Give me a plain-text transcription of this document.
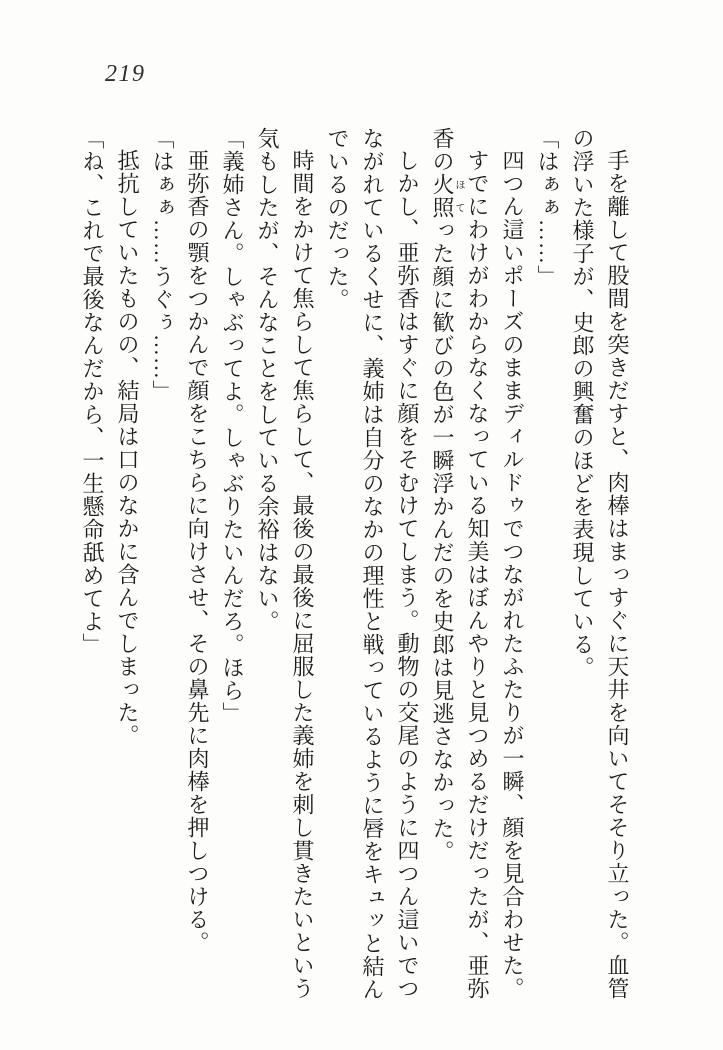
219

手を離して股間を突きだすと、肉棒はまっすぐに天井を向いてそそり立った。血管の浮いた様子が、史郎の興奮のほどを表現している。

「はぁぁ……」

四つん這いポーズのままディルドゥでつながれたふたりが一瞬、顔を見合わせた。

すでにわけがわからなくなっている知美はぼんやりと見つめるだけだったが、亜弥香の火照ほてった顔に歓びの色が一瞬浮かんだのを史郎は見逃さなかった。

しかし、亜弥香はすぐに顔をそむけてしまう。動物の交尾のように四つん這いでつながれているくせに、義姉は自分のなかの理性と戦っているように唇をキュッと結んでいるのだった。

時間をかけて焦らして焦らして、最後の最後に屈服した義姉を刺し貫きたいという気もしたが、そんなことをしている余裕はない。

「義姉さん。しゃぶってよ。しゃぶりたいんだろ。ほら」

亜弥香の顎をつかんで顔をこちらに向けさせ、その鼻先に肉棒を押しつける。

「はぁぁ……うぐぅ……」

抵抗していたものの、結局は口のなかに含んでしまった。

「ね、これで最後なんだから、一生懸命舐めてよ」
